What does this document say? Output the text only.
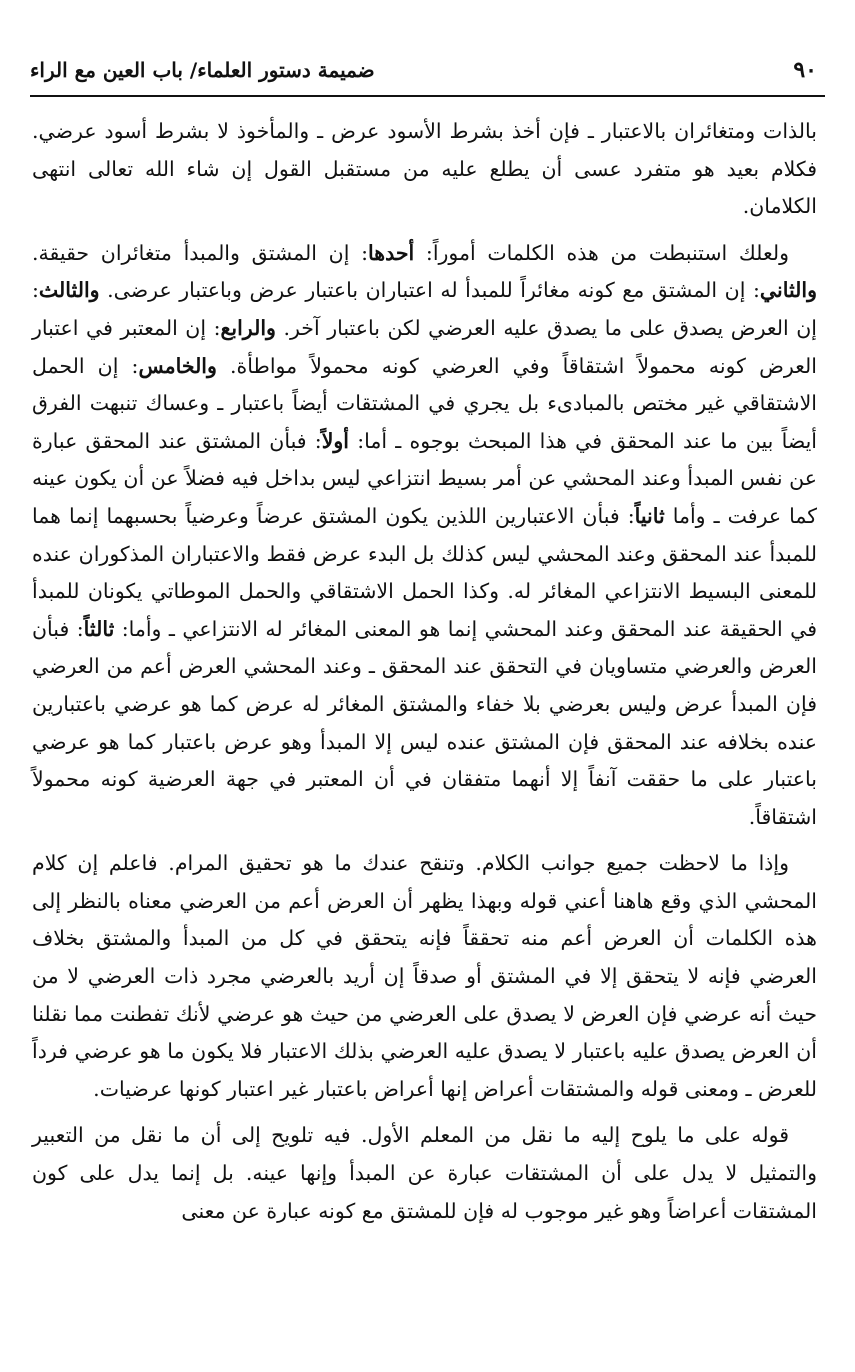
٩٠
ضميمة دستور العلماء/ باب العين مع الراء

بالذات ومتغائران بالاعتبار ـ فإن أخذ بشرط الأسود عرض ـ والمأخوذ لا بشرط أسود عرضي. فكلام بعيد هو متفرد عسى أن يطلع عليه من مستقبل القول إن شاء الله تعالى انتهى الكلامان.

ولعلك استنبطت من هذه الكلمات أموراً: أحدها: إن المشتق والمبدأ متغائران حقيقة. والثاني: إن المشتق مع كونه مغائراً للمبدأ له اعتباران باعتبار عرض وباعتبار عرضى. والثالث: إن العرض يصدق على ما يصدق عليه العرضي لكن باعتبار آخر. والرابع: إن المعتبر في اعتبار العرض كونه محمولاً اشتقاقاً وفي العرضي كونه محمولاً مواطأة. والخامس: إن الحمل الاشتقاقي غير مختص بالمبادىء بل يجري في المشتقات أيضاً باعتبار ـ وعساك تنبهت الفرق أيضاً بين ما عند المحقق في هذا المبحث بوجوه ـ أما: أولاً: فبأن المشتق عند المحقق عبارة عن نفس المبدأ وعند المحشي عن أمر بسيط انتزاعي ليس بداخل فيه فضلاً عن أن يكون عينه كما عرفت ـ وأما ثانياً: فبأن الاعتبارين اللذين يكون المشتق عرضاً وعرضياً بحسبهما إنما هما للمبدأ عند المحقق وعند المحشي ليس كذلك بل البدء عرض فقط والاعتباران المذكوران عنده للمعنى البسيط الانتزاعي المغائر له. وكذا الحمل الاشتقاقي والحمل الموطاتي يكونان للمبدأ في الحقيقة عند المحقق وعند المحشي إنما هو المعنى المغائر له الانتزاعي ـ وأما: ثالثاً: فبأن العرض والعرضي متساويان في التحقق عند المحقق ـ وعند المحشي العرض أعم من العرضي فإن المبدأ عرض وليس بعرضي بلا خفاء والمشتق المغائر له عرض كما هو عرضي باعتبارين عنده بخلافه عند المحقق فإن المشتق عنده ليس إلا المبدأ وهو عرض باعتبار كما هو عرضي باعتبار على ما حققت آنفاً إلا أنهما متفقان في أن المعتبر في جهة العرضية كونه محمولاً اشتقاقاً.

وإذا ما لاحظت جميع جوانب الكلام. وتنقح عندك ما هو تحقيق المرام. فاعلم إن كلام المحشي الذي وقع هاهنا أعني قوله وبهذا يظهر أن العرض أعم من العرضي معناه بالنظر إلى هذه الكلمات أن العرض أعم منه تحققاً فإنه يتحقق في كل من المبدأ والمشتق بخلاف العرضي فإنه لا يتحقق إلا في المشتق أو صدقاً إن أريد بالعرضي مجرد ذات العرضي لا من حيث أنه عرضي فإن العرض لا يصدق على العرضي من حيث هو عرضي لأنك تفطنت مما نقلنا أن العرض يصدق عليه باعتبار لا يصدق عليه العرضي بذلك الاعتبار فلا يكون ما هو عرضي فرداً للعرض ـ ومعنى قوله والمشتقات أعراض إنها أعراض باعتبار غير اعتبار كونها عرضيات.

قوله على ما يلوح إليه ما نقل من المعلم الأول. فيه تلويح إلى أن ما نقل من التعبير والتمثيل لا يدل على أن المشتقات عبارة عن المبدأ وإنها عينه. بل إنما يدل على كون المشتقات أعراضاً وهو غير موجوب له فإن للمشتق مع كونه عبارة عن معنى
